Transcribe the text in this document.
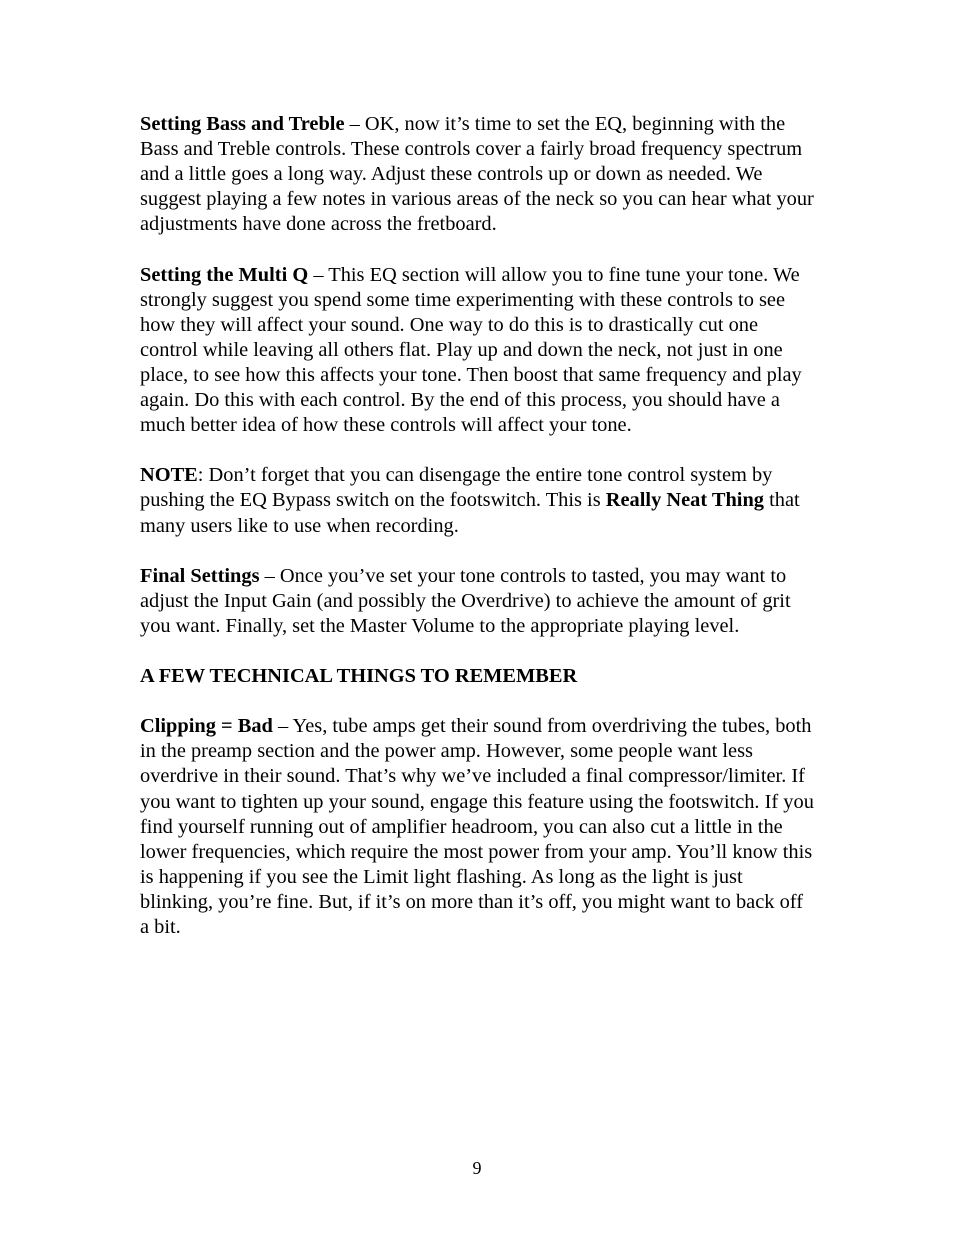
Setting Bass and Treble – OK, now it’s time to set the EQ, beginning with the Bass and Treble controls. These controls cover a fairly broad frequency spectrum and a little goes a long way. Adjust these controls up or down as needed. We suggest playing a few notes in various areas of the neck so you can hear what your adjustments have done across the fretboard.

Setting the Multi Q – This EQ section will allow you to fine tune your tone. We strongly suggest you spend some time experimenting with these controls to see how they will affect your sound. One way to do this is to drastically cut one control while leaving all others flat. Play up and down the neck, not just in one place, to see how this affects your tone. Then boost that same frequency and play again. Do this with each control. By the end of this process, you should have a much better idea of how these controls will affect your tone.

NOTE: Don’t forget that you can disengage the entire tone control system by pushing the EQ Bypass switch on the footswitch. This is Really Neat Thing that many users like to use when recording.

Final Settings – Once you’ve set your tone controls to tasted, you may want to adjust the Input Gain (and possibly the Overdrive) to achieve the amount of grit you want. Finally, set the Master Volume to the appropriate playing level.

A FEW TECHNICAL THINGS TO REMEMBER

Clipping = Bad – Yes, tube amps get their sound from overdriving the tubes, both in the preamp section and the power amp. However, some people want less overdrive in their sound. That’s why we’ve included a final compressor/limiter. If you want to tighten up your sound, engage this feature using the footswitch. If you find yourself running out of amplifier headroom, you can also cut a little in the lower frequencies, which require the most power from your amp. You’ll know this is happening if you see the Limit light flashing. As long as the light is just blinking, you’re fine. But, if it’s on more than it’s off, you might want to back off a bit.

9
